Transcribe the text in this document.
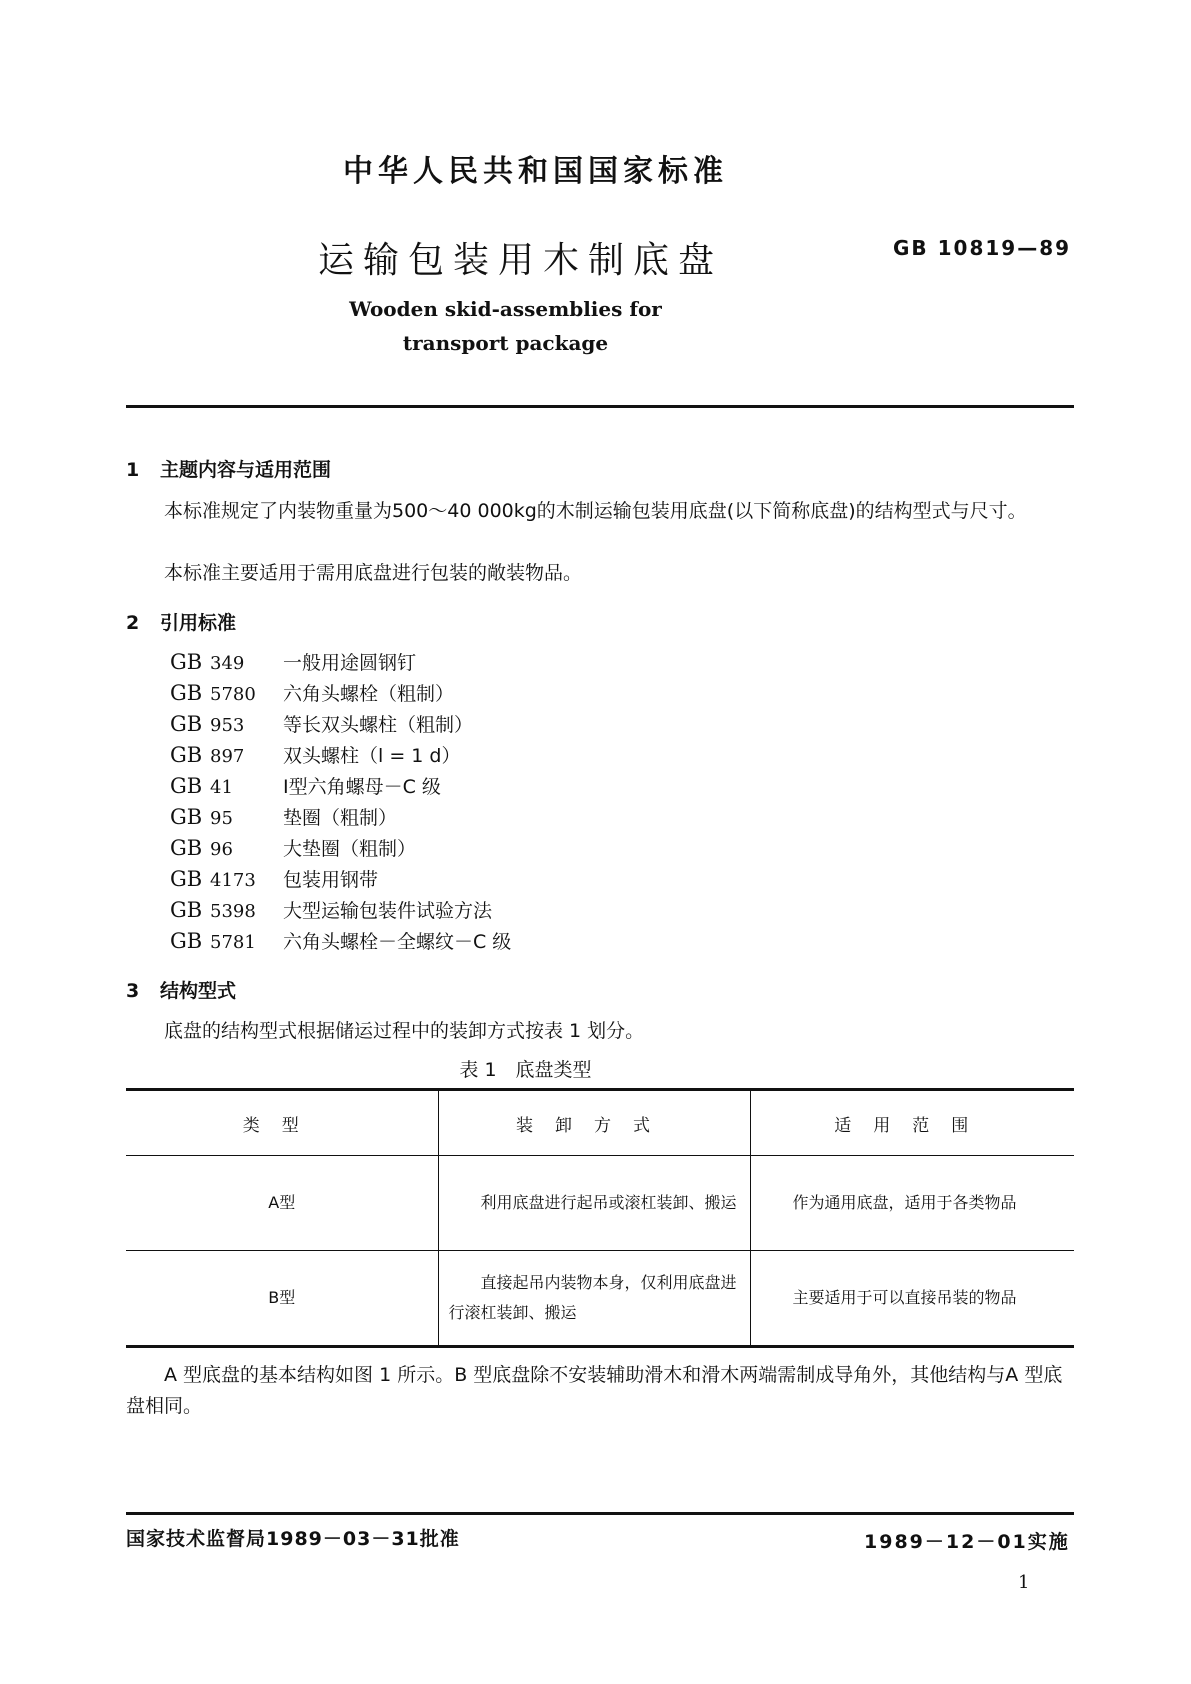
中华人民共和国国家标准
运输包装用木制底盘	GB 10819—89
Wooden skid-assemblies for
transport package
1 主题内容与适用范围
本标准规定了内装物重量为500～40 000kg的木制运输包装用底盘(以下简称底盘)的结构型式与尺寸。
本标准主要适用于需用底盘进行包装的敞装物品。
2 引用标准
GB 349 一般用途圆钢钉
GB 5780 六角头螺栓（粗制）
GB 953 等长双头螺柱（粗制）
GB 897 双头螺柱（l = 1 d）
GB 41	Ⅰ型六角螺母－C 级
GB 95	垫圈（粗制）
GB 96	大垫圈（粗制）
GB 4173 包装用钢带
GB 5398 大型运输包装件试验方法
GB 5781 六角头螺栓－全螺纹－C 级
3 结构型式
底盘的结构型式根据储运过程中的装卸方式按表 1 划分。
表 1　底盘类型
类型	装卸方式	适用范围
A型	利用底盘进行起吊或滚杠装卸、搬运	作为通用底盘，适用于各类物品
B型	直接起吊内装物本身，仅利用底盘进行滚杠装卸、搬运	主要适用于可以直接吊装的物品
A 型底盘的基本结构如图 1 所示。B 型底盘除不安装辅助滑木和滑木两端需制成导角外，其他结构与A 型底盘相同。
国家技术监督局1989－03－31批准	1989－12－01实施
1
